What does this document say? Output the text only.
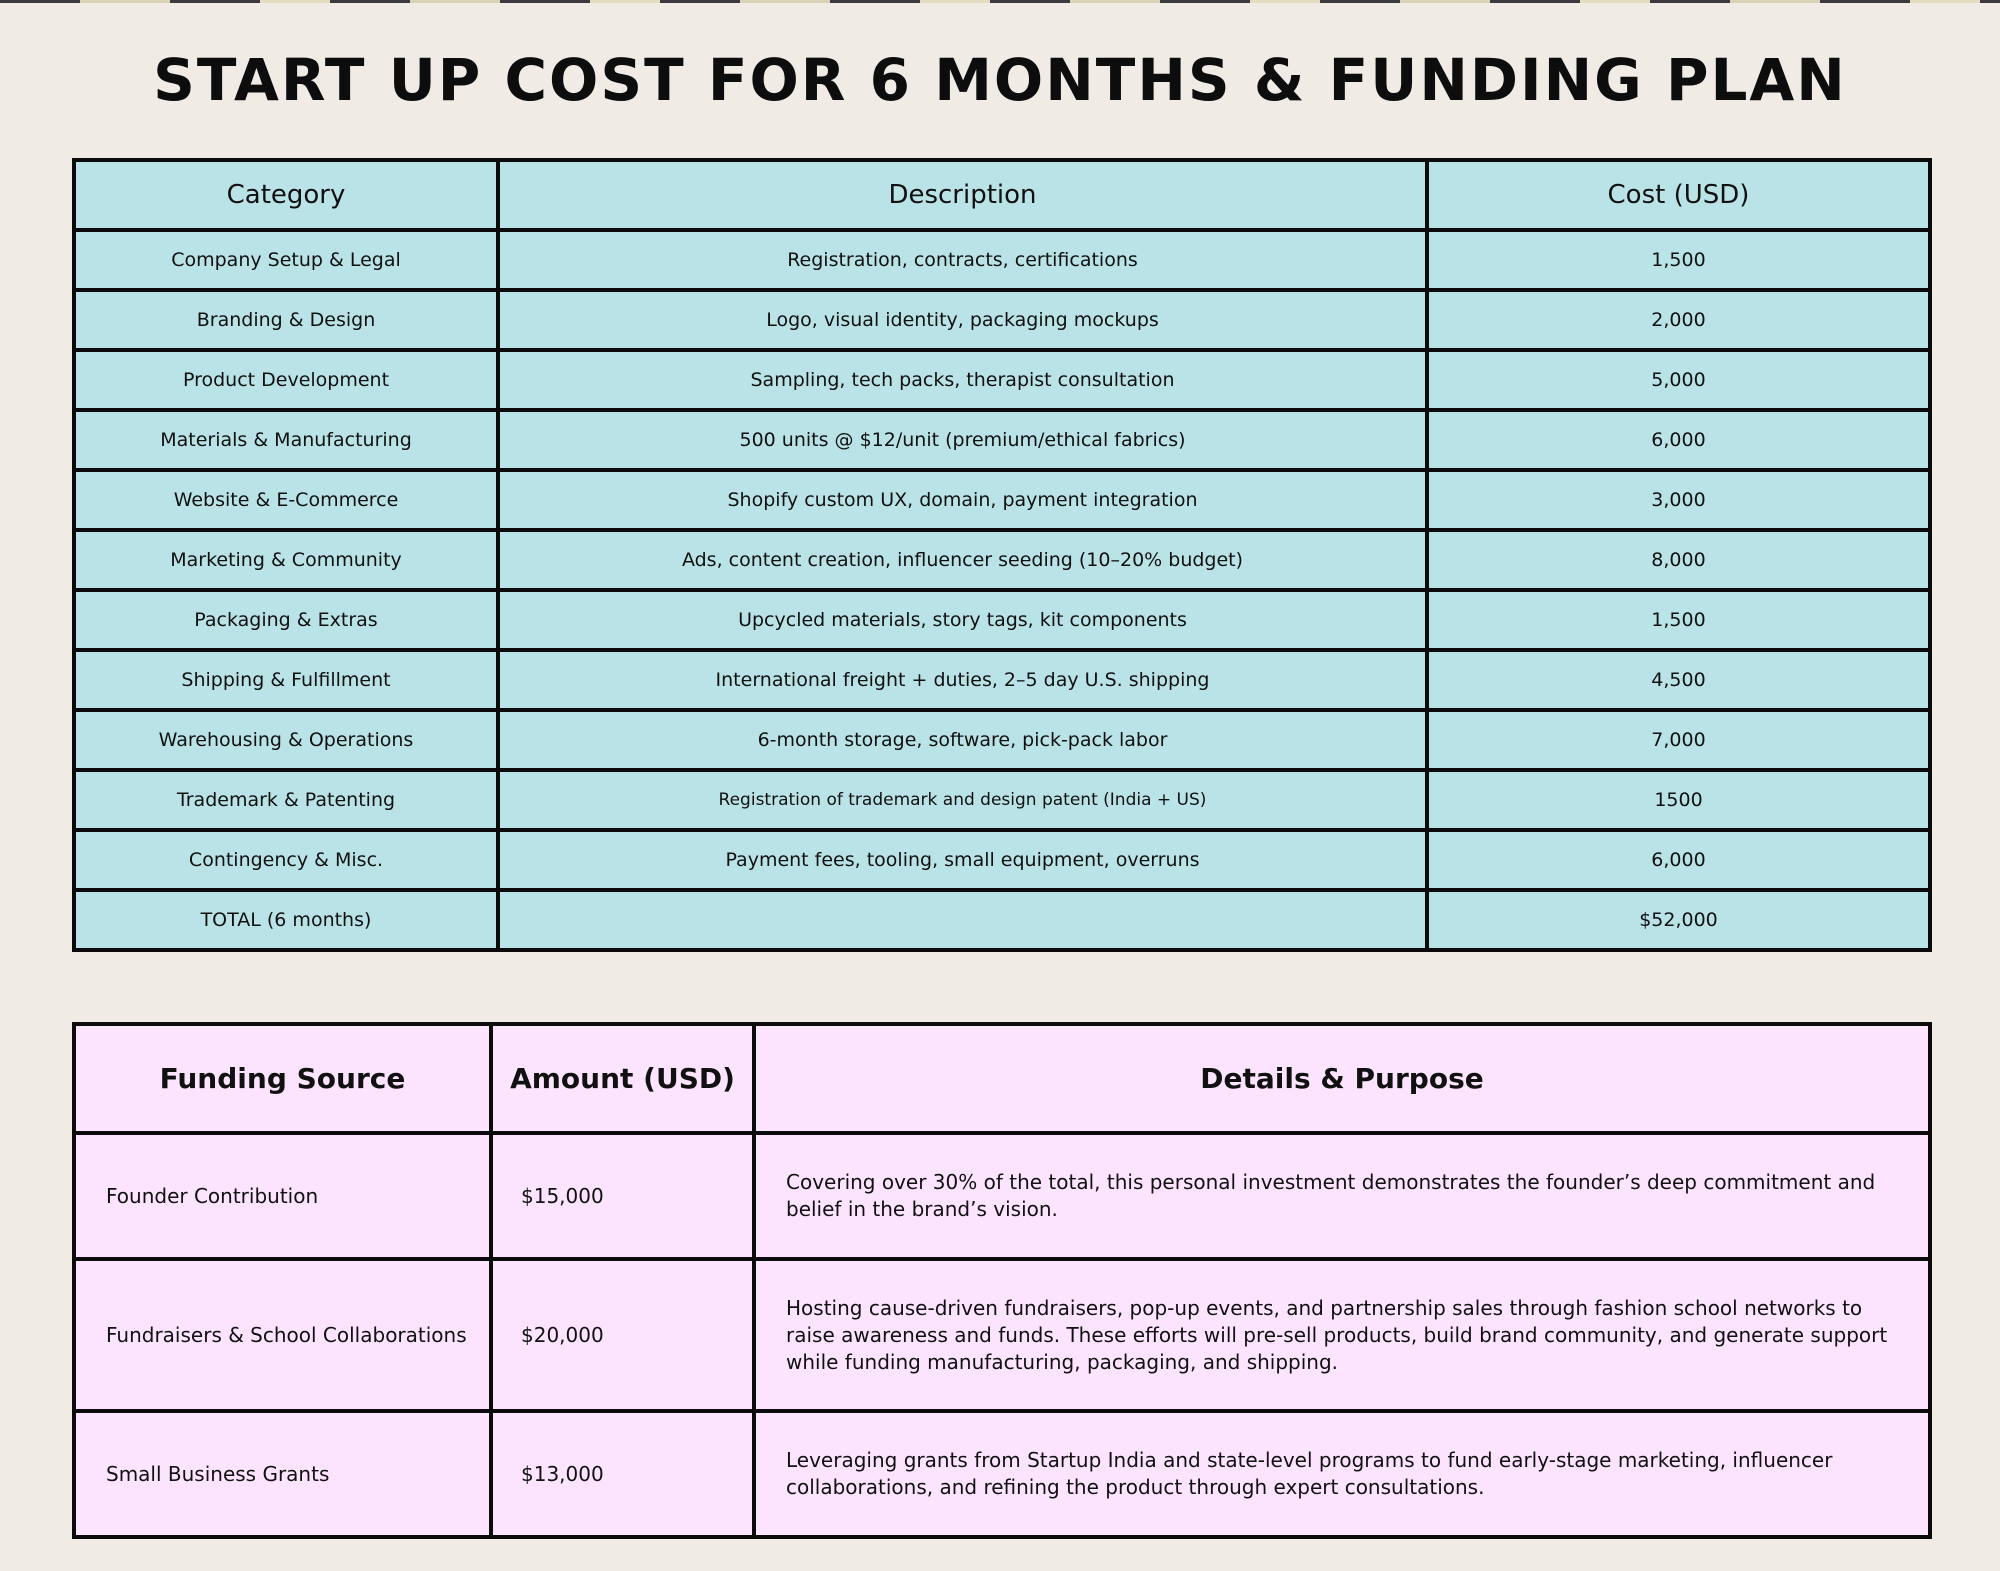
START UP COST FOR 6 MONTHS & FUNDING PLAN
Category	Description	Cost (USD)
Company Setup & Legal	Registration, contracts, certifications	1,500
Branding & Design	Logo, visual identity, packaging mockups	2,000
Product Development	Sampling, tech packs, therapist consultation	5,000
Materials & Manufacturing	500 units @ $12/unit (premium/ethical fabrics)	6,000
Website & E-Commerce	Shopify custom UX, domain, payment integration	3,000
Marketing & Community	Ads, content creation, influencer seeding (10–20% budget)	8,000
Packaging & Extras	Upcycled materials, story tags, kit components	1,500
Shipping & Fulfillment	International freight + duties, 2–5 day U.S. shipping	4,500
Warehousing & Operations	6-month storage, software, pick-pack labor	7,000
Trademark & Patenting	Registration of trademark and design patent (India + US)	1500
Contingency & Misc.	Payment fees, tooling, small equipment, overruns	6,000
TOTAL (6 months)		$52,000
Funding Source	Amount (USD)	Details & Purpose
Founder Contribution	$15,000	Covering over 30% of the total, this personal investment demonstrates the founder’s deep commitment and belief in the brand’s vision.
Fundraisers & School Collaborations	$20,000	Hosting cause-driven fundraisers, pop-up events, and partnership sales through fashion school networks to raise awareness and funds. These efforts will pre-sell products, build brand community, and generate support while funding manufacturing, packaging, and shipping.
Small Business Grants	$13,000	Leveraging grants from Startup India and state-level programs to fund early-stage marketing, influencer collaborations, and refining the product through expert consultations.
